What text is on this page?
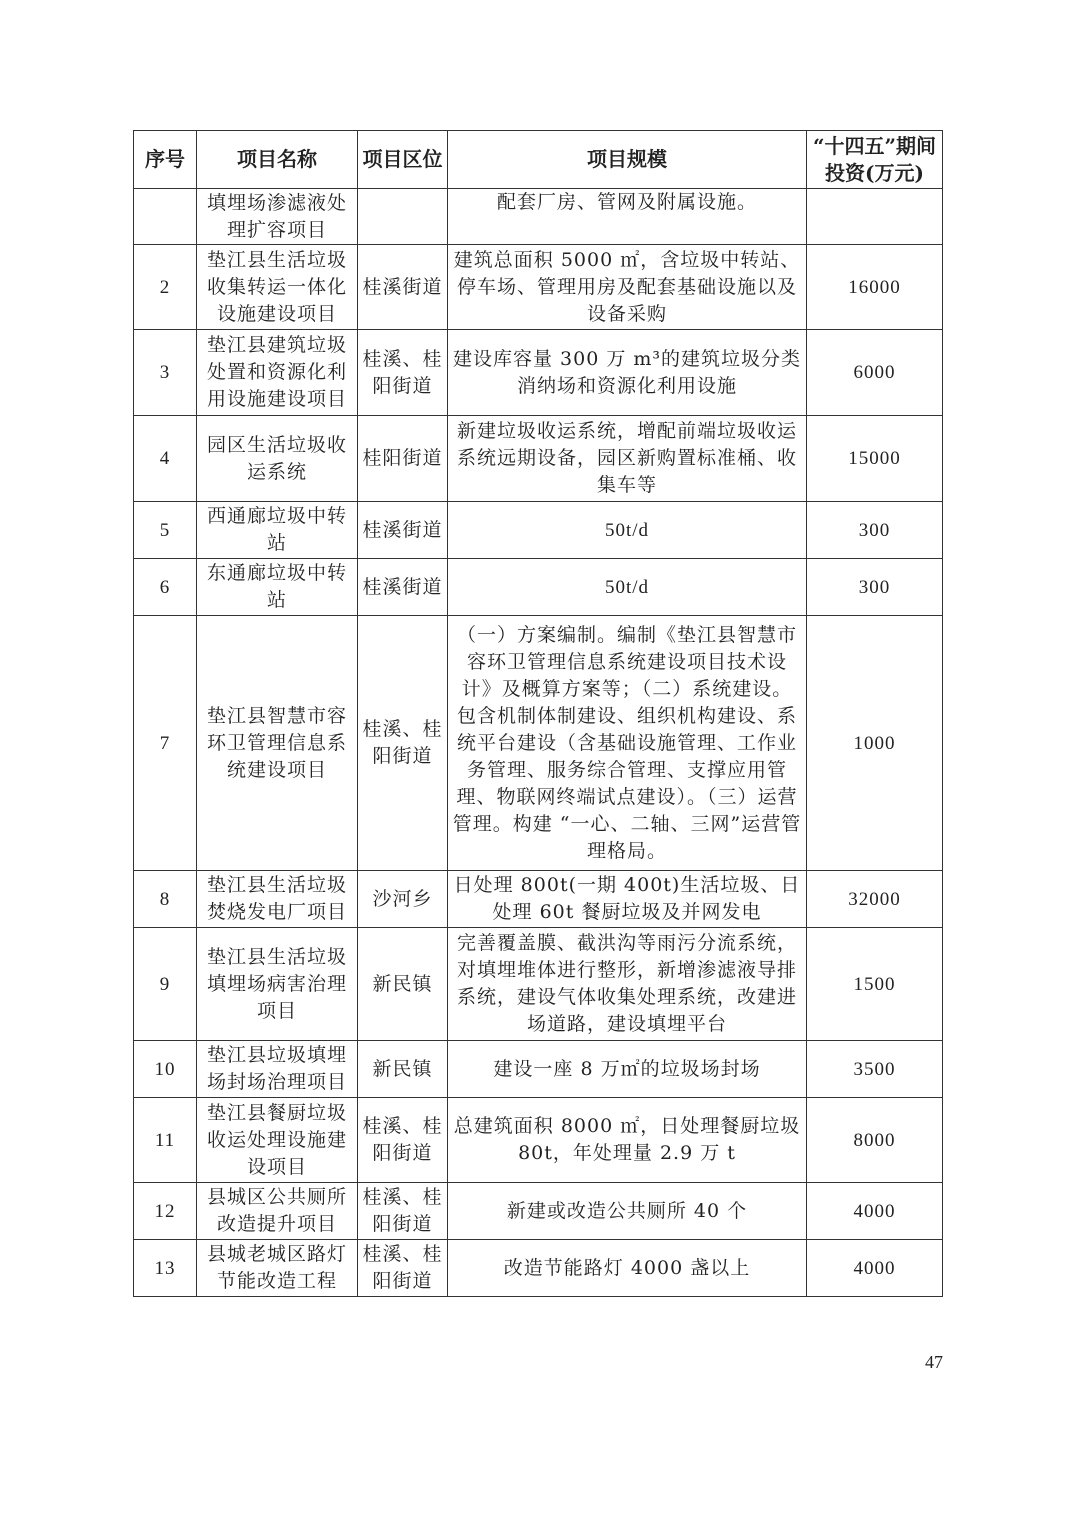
序号	项目名称	项目区位	项目规模	“十四五”期间投资(万元)
	填埋场渗滤液处理扩容项目		配套厂房、管网及附属设施。	
2	垫江县生活垃圾收集转运一体化设施建设项目	桂溪街道	建筑总面积 5000 ㎡，含垃圾中转站、停车场、管理用房及配套基础设施以及设备采购	16000
3	垫江县建筑垃圾处置和资源化利用设施建设项目	桂溪、桂阳街道	建设库容量 300 万 m³的建筑垃圾分类消纳场和资源化利用设施	6000
4	园区生活垃圾收运系统	桂阳街道	新建垃圾收运系统，增配前端垃圾收运系统远期设备，园区新购置标准桶、收集车等	15000
5	西通廊垃圾中转站	桂溪街道	50t/d	300
6	东通廊垃圾中转站	桂溪街道	50t/d	300
7	垫江县智慧市容环卫管理信息系统建设项目	桂溪、桂阳街道	（一）方案编制。编制《垫江县智慧市容环卫管理信息系统建设项目技术设计》及概算方案等；（二）系统建设。包含机制体制建设、组织机构建设、系统平台建设（含基础设施管理、工作业务管理、服务综合管理、支撑应用管理、物联网终端试点建设）。（三）运营管理。构建 “一心、二轴、三网”运营管理格局。	1000
8	垫江县生活垃圾焚烧发电厂项目	沙河乡	日处理 800t(一期 400t)生活垃圾、日处理 60t 餐厨垃圾及并网发电	32000
9	垫江县生活垃圾填埋场病害治理项目	新民镇	完善覆盖膜、截洪沟等雨污分流系统，对填埋堆体进行整形，新增渗滤液导排系统，建设气体收集处理系统，改建进场道路，建设填埋平台	1500
10	垫江县垃圾填埋场封场治理项目	新民镇	建设一座 8 万㎡的垃圾场封场	3500
11	垫江县餐厨垃圾收运处理设施建设项目	桂溪、桂阳街道	总建筑面积 8000 ㎡，日处理餐厨垃圾 80t，年处理量 2.9 万 t	8000
12	县城区公共厕所改造提升项目	桂溪、桂阳街道	新建或改造公共厕所 40 个	4000
13	县城老城区路灯节能改造工程	桂溪、桂阳街道	改造节能路灯 4000 盏以上	4000
47
